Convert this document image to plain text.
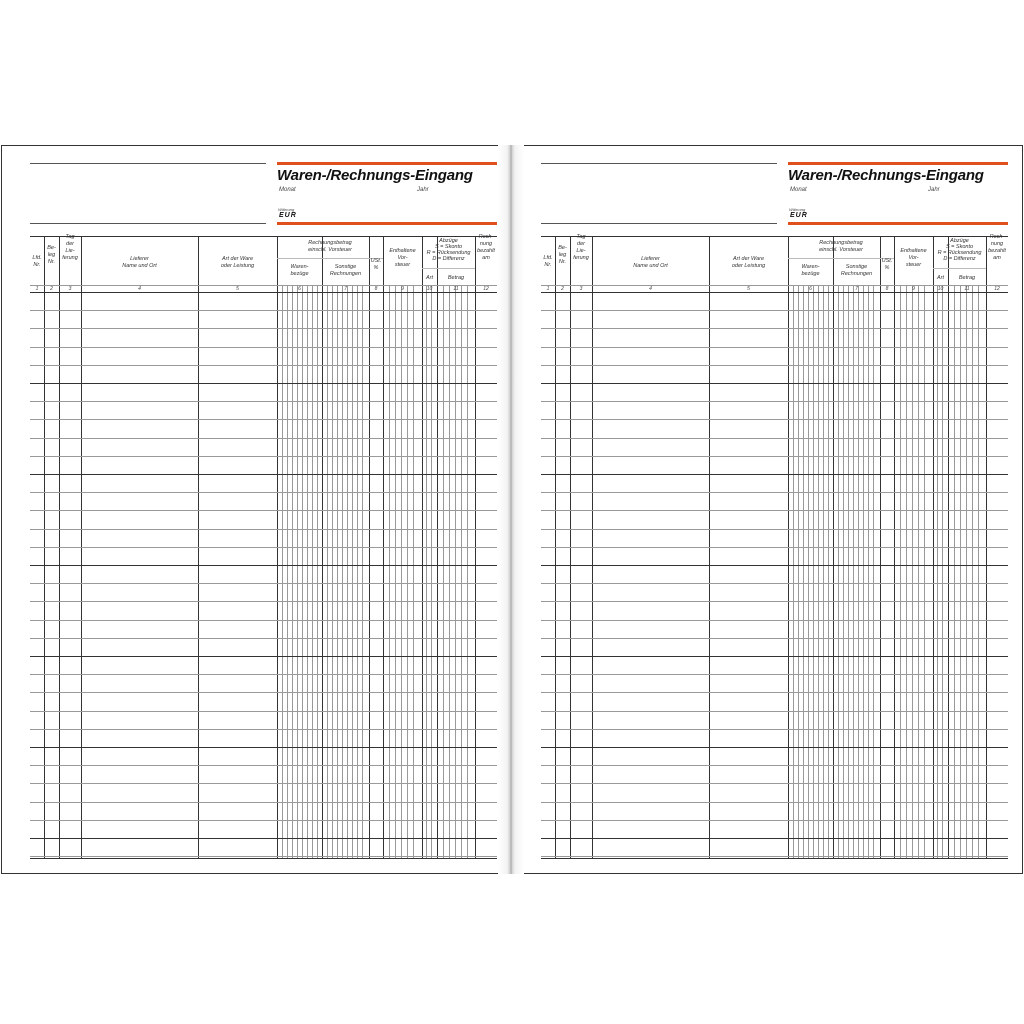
Waren-/Rechnungs-Eingang
Monat	Jahr
Währung
EUR
Lfd.
Nr.
1
Be-
leg
Nr.
2
Tag
der
Lie-
ferung
3
Lieferer
Name und Ort
4
Art der Ware
oder Leistung
5
Waren-
bezüge
6
Sonstige
Rechnungen
7
USt.
%
8
Enthaltene
Vor-
steuer
9
Art
10
Betrag
11
Rech-
nung
bezahlt
am
12
Rechnungsbetrag
einschl. Vorsteuer
Abzüge
S = Skonto
R = Rücksendung
D = Differenz
Waren-/Rechnungs-Eingang
Monat	Jahr
Währung
EUR
Lfd.
Nr.
1
Be-
leg
Nr.
2
Tag
der
Lie-
ferung
3
Lieferer
Name und Ort
4
Art der Ware
oder Leistung
5
Waren-
bezüge
6
Sonstige
Rechnungen
7
USt.
%
8
Enthaltene
Vor-
steuer
9
Art
10
Betrag
11
Rech-
nung
bezahlt
am
12
Rechnungsbetrag
einschl. Vorsteuer
Abzüge
S = Skonto
R = Rücksendung
D = Differenz
